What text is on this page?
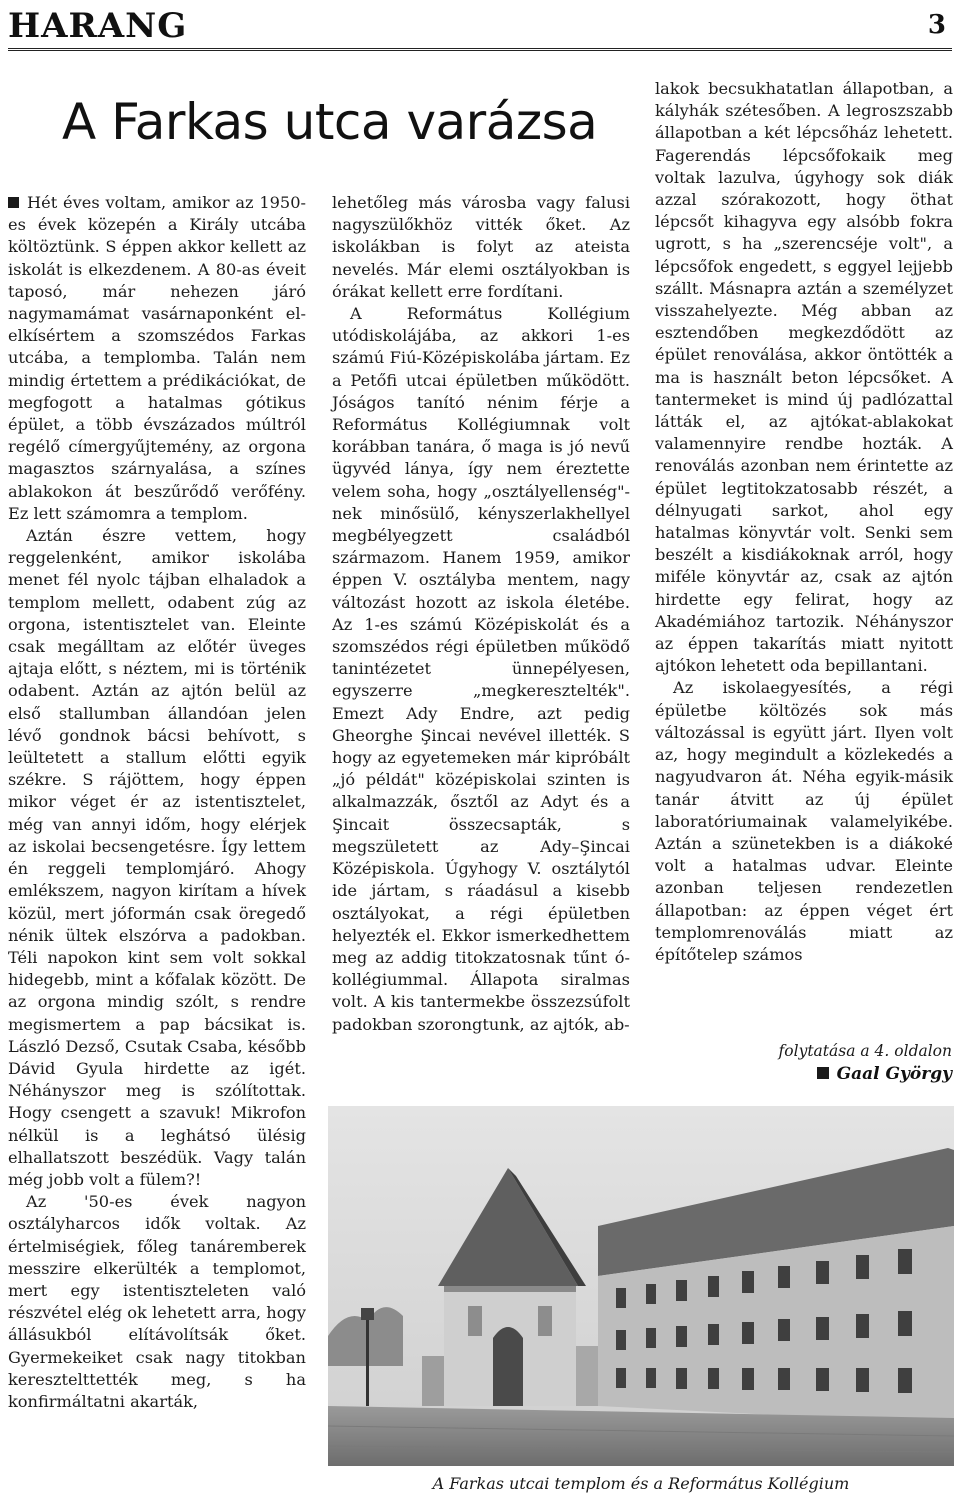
HARANG	3
A Farkas utca varázsa

Hét éves voltam, amikor az 1950-es évek közepén a Király utcába költöztünk. S éppen akkor kellett az iskolát is elkezdenem. A 80-as éveit taposó, már nehezen járó nagymamámat vasárnaponként el-elkísértem a szomszédos Farkas utcába, a templomba. Talán nem mindig értettem a prédikációkat, de megfogott a hatalmas gótikus épület, a több évszázados múltról regélő címergyűjtemény, az orgona magasztos szárnyalása, a színes ablakokon át beszűrődő verőfény. Ez lett számomra a templom.

Aztán észre vettem, hogy reggelenként, amikor iskolába menet fél nyolc tájban elhaladok a templom mellett, odabent zúg az orgona, istentisztelet van. Eleinte csak megálltam az előtér üveges ajtaja előtt, s néztem, mi is történik odabent. Aztán az ajtón belül az első stallumban állandóan jelen lévő gondnok bácsi behívott, s leültetett a stallum előtti egyik székre. S rájöttem, hogy éppen mikor véget ér az istentisztelet, még van annyi időm, hogy elérjek az iskolai becsengetésre. Így lettem én reggeli templomjáró. Ahogy emlékszem, nagyon kirítam a hívek közül, mert jóformán csak öregedő nénik ültek elszórva a padokban. Téli napokon kint sem volt sokkal hidegebb, mint a kőfalak között. De az orgona mindig szólt, s rendre megismertem a pap bácsikat is. László Dezső, Csutak Csaba, később Dávid Gyula hirdette az igét. Néhányszor meg is szólítottak. Hogy csengett a szavuk! Mikrofon nélkül is a leghátsó ülésig elhallatszott beszédük. Vagy talán még jobb volt a fülem?!

Az '50-es évek nagyon osztályharcos idők voltak. Az értelmiségiek, főleg tanáremberek messzire elkerülték a templomot, mert egy istentiszteleten való részvétel elég ok lehetett arra, hogy állásukból elítávolítsák őket. Gyermekeiket csak nagy titokban keresztelttették meg, s ha konfirmáltatni akarták,

lehetőleg más városba vagy falusi nagyszülőkhöz vitték őket. Az iskolákban is folyt az ateista nevelés. Már elemi osztályokban is órákat kellett erre fordítani.

A Református Kollégium utódiskolájába, az akkori 1-es számú Fiú-Középiskolába jártam. Ez a Petőfi utcai épületben működött. Jóságos tanító nénim férje a Református Kollégiumnak volt korábban tanára, ő maga is jó nevű ügyvéd lánya, így nem éreztette velem soha, hogy „osztályellenség"-nek minősülő, kényszerlakhellyel megbélyegzett családból származom. Hanem 1959, amikor éppen V. osztályba mentem, nagy változást hozott az iskola életébe. Az 1-es számú Középiskolát és a szomszédos régi épületben működő tanintézetet ünnepélyesen, egyszerre „megkeresztelték". Emezt Ady Endre, azt pedig Gheorghe Şincai nevével illették. S hogy az egyetemeken már kipróbált „jó példát" középiskolai szinten is alkalmazzák, ősztől az Adyt és a Şincait összecsapták, s megszületett az Ady–Şincai Középiskola. Úgyhogy V. osztálytól ide jártam, s ráadásul a kisebb osztályokat, a régi épületben helyezték el. Ekkor ismerkedhettem meg az addig titokzatosnak tűnt ó-kollégiummal. Állapota siralmas volt. A kis tantermekbe összezsúfolt padokban szorongtunk, az ajtók, ab-

lakok becsukhatatlan állapotban, a kályhák szétesőben. A legroszszabb állapotban a két lépcsőház lehetett. Fagerendás lépcsőfokaik meg voltak lazulva, úgyhogy sok diák azzal szórakozott, hogy öthat lépcsőt kihagyva egy alsóbb fokra ugrott, s ha „szerencséje volt", a lépcsőfok engedett, s eggyel lejjebb szállt. Másnapra aztán a személyzet visszahelyezte. Még abban az esztendőben megkezdődött az épület renoválása, akkor öntötték a ma is használt beton lépcsőket. A tantermeket is mind új padlózattal látták el, az ajtókat-ablakokat valamennyire rendbe hozták. A renoválás azonban nem érintette az épület legtitokzatosabb részét, a délnyugati sarkot, ahol egy hatalmas könyvtár volt. Senki sem beszélt a kisdiákoknak arról, hogy miféle könyvtár az, csak az ajtón hirdette egy felirat, hogy az Akadémiához tartozik. Néhányszor az éppen takarítás miatt nyitott ajtókon lehetett oda bepillantani.

Az iskolaegyesítés, a régi épületbe költözés sok más változással is együtt járt. Ilyen volt az, hogy megindult a közlekedés a nagyudvaron át. Néha egyik-másik tanár átvitt az új épület laboratóriumainak valamelyikébe. Aztán a szünetekben is a diákoké volt a hatalmas udvar. Eleinte azonban teljesen rendezetlen állapotban: az éppen véget ért templomrenoválás miatt az építőtelep számos

folytatása a 4. oldalon
Gaal György
A Farkas utcai templom és a Református Kollégium
